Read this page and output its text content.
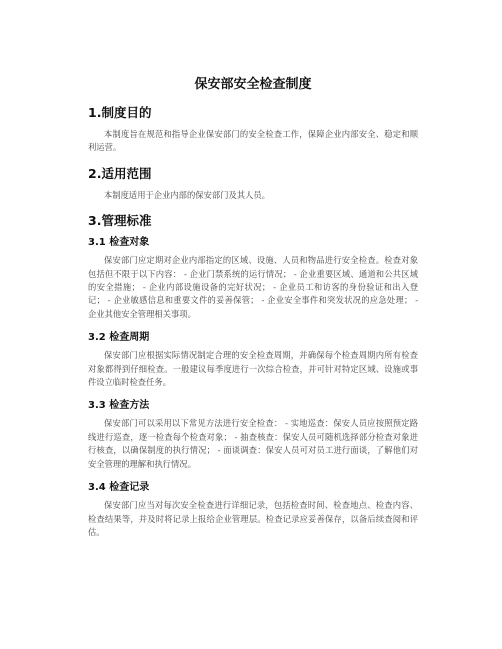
保安部安全检查制度
1.制度目的

本制度旨在规范和指导企业保安部门的安全检查工作，保障企业内部安全、稳定和顺利运营。

2.适用范围

本制度适用于企业内部的保安部门及其人员。

3.管理标准
3.1 检查对象

保安部门应定期对企业内部指定的区域、设施、人员和物品进行安全检查。检查对象包括但不限于以下内容： - 企业门禁系统的运行情况； - 企业重要区域、通道和公共区域的安全措施； - 企业内部设施设备的完好状况； - 企业员工和访客的身份验证和出入登记； - 企业敏感信息和重要文件的妥善保管； - 企业安全事件和突发状况的应急处理； - 企业其他安全管理相关事项。

3.2 检查周期

保安部门应根据实际情况制定合理的安全检查周期，并确保每个检查周期内所有检查对象都得到仔细检查。一般建议每季度进行一次综合检查，并可针对特定区域、设施或事件设立临时检查任务。

3.3 检查方法

保安部门可以采用以下常见方法进行安全检查： - 实地巡查：保安人员应按照预定路线进行巡查，逐一检查每个检查对象； - 抽查核查：保安人员可随机选择部分检查对象进行核查，以确保制度的执行情况； - 面谈调查：保安人员可对员工进行面谈，了解他们对安全管理的理解和执行情况。

3.4 检查记录

保安部门应当对每次安全检查进行详细记录，包括检查时间、检查地点、检查内容、检查结果等，并及时将记录上报给企业管理层。检查记录应妥善保存，以备后续查阅和评估。
